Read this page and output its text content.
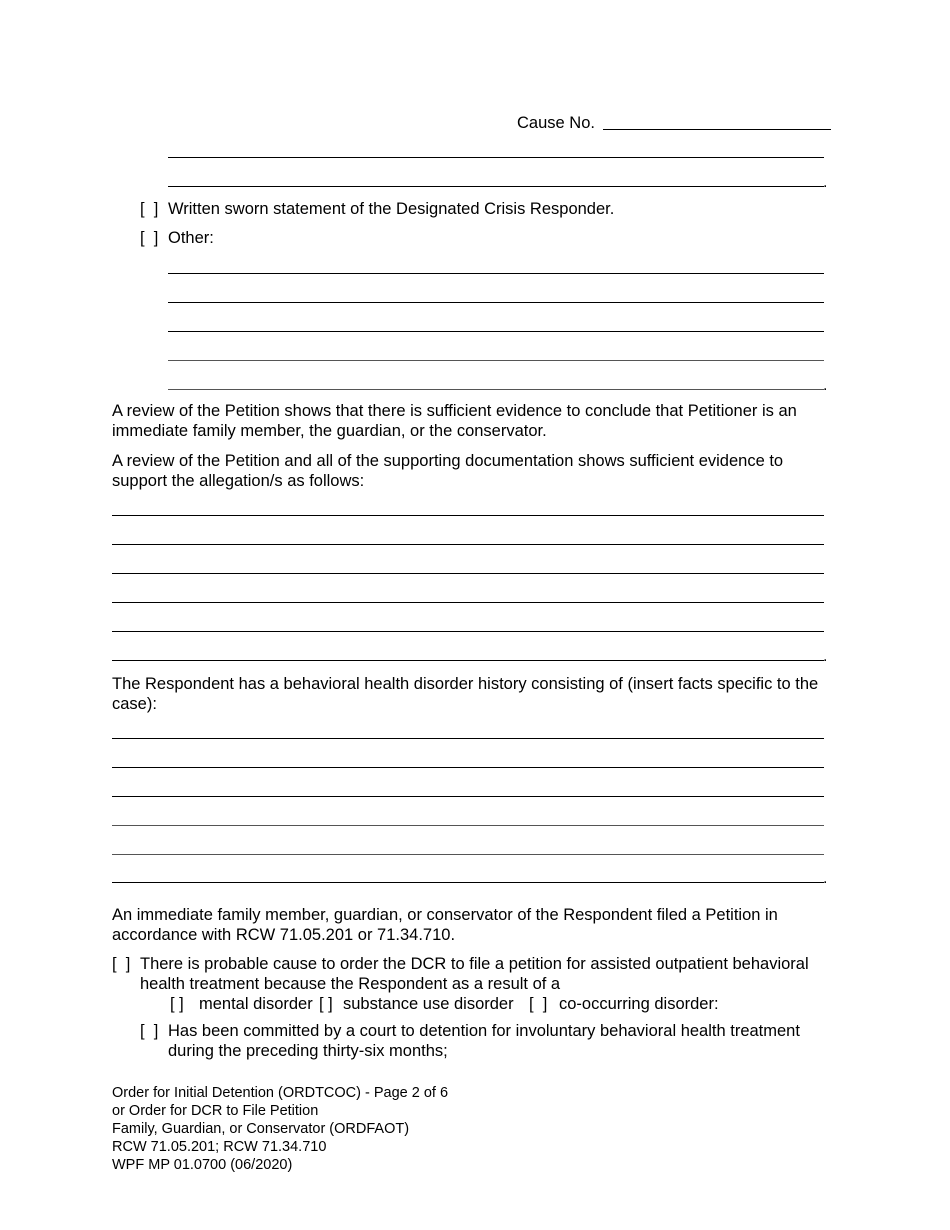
Cause No.
.
[  ] Written sworn statement of the Designated Crisis Responder.
[  ] Other:
.
A review of the Petition shows that there is sufficient evidence to conclude that Petitioner is an immediate family member, the guardian, or the conservator.
A review of the Petition and all of the supporting documentation shows sufficient evidence to support the allegation/s as follows:
.
The Respondent has a behavioral health disorder history consisting of (insert facts specific to the case):
.
An immediate family member, guardian, or conservator of the Respondent filed a Petition in accordance with RCW 71.05.201 or 71.34.710.
[  ] There is probable cause to order the DCR to file a petition for assisted outpatient behavioral health treatment because the Respondent as a result of a
[ ] mental disorder [ ] substance use disorder [  ] co-occurring disorder:
[  ] Has been committed by a court to detention for involuntary behavioral health treatment during the preceding thirty-six months;
Order for Initial Detention (ORDTCOC) - Page 2 of 6
or Order for DCR to File Petition
Family, Guardian, or Conservator (ORDFAOT)
RCW 71.05.201; RCW 71.34.710
WPF MP 01.0700 (06/2020)
